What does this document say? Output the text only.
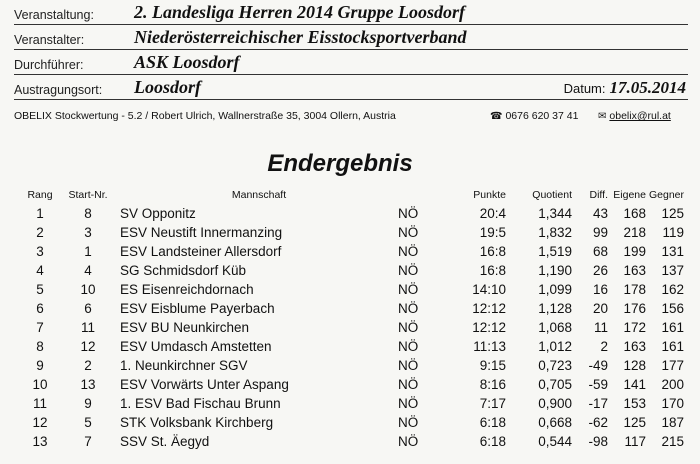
Veranstaltung: 2. Landesliga Herren 2014 Gruppe Loosdorf
Veranstalter:	Niederösterreichischer Eisstocksportverband
Durchführer:	ASK Loosdorf
Austragungsort: Loosdorf	Datum: 17.05.2014
OBELIX Stockwertung - 5.2 / Robert Ulrich, Wallnerstraße 35, 3004 Ollern, Austria	☎ 0676 620 37 41 ✉ obelix@rul.at
Endergebnis
Rang	Start-Nr.	Mannschaft		Punkte	Quotient	Diff.	Eigene	Gegner
1	8	SV Opponitz	NÖ	20:4	1,344	43	168	125
2	3	ESV Neustift Innermanzing	NÖ	19:5	1,832	99	218	119
3	1	ESV Landsteiner Allersdorf	NÖ	16:8	1,519	68	199	131
4	4	SG Schmidsdorf Küb	NÖ	16:8	1,190	26	163	137
5	10	ES Eisenreichdornach	NÖ	14:10	1,099	16	178	162
6	6	ESV Eisblume Payerbach	NÖ	12:12	1,128	20	176	156
7	11	ESV BU Neunkirchen	NÖ	12:12	1,068	11	172	161
8	12	ESV Umdasch Amstetten	NÖ	11:13	1,012	2	163	161
9	2	1. Neunkirchner SGV	NÖ	9:15	0,723	-49	128	177
10	13	ESV Vorwärts Unter Aspang	NÖ	8:16	0,705	-59	141	200
11	9	1. ESV Bad Fischau Brunn	NÖ	7:17	0,900	-17	153	170
12	5	STK Volksbank Kirchberg	NÖ	6:18	0,668	-62	125	187
13	7	SSV St. Äegyd	NÖ	6:18	0,544	-98	117	215
